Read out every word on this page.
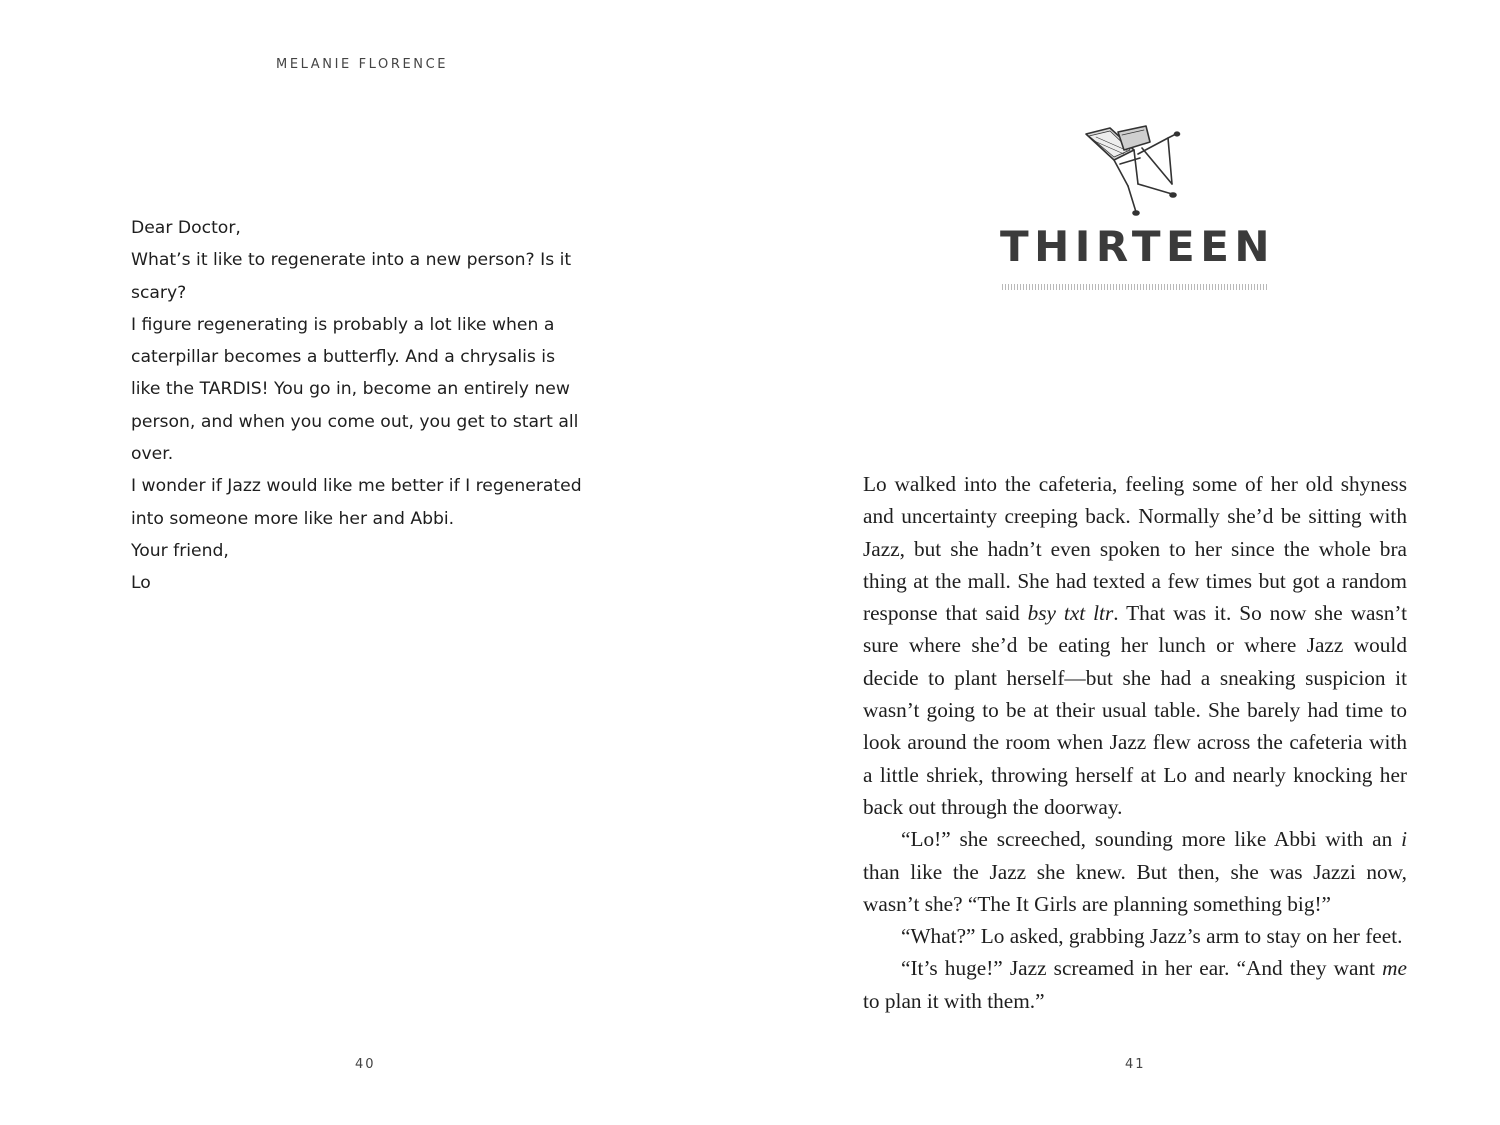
MELANIE FLORENCE

Dear Doctor,

What’s it like to regenerate into a new person? Is it

scary?

I figure regenerating is probably a lot like when a

caterpillar becomes a butterfly. And a chrysalis is

like the TARDIS! You go in, become an entirely new

person, and when you come out, you get to start all

over.

I wonder if Jazz would like me better if I regenerated

into someone more like her and Abbi.

Your friend,

Lo

40
THIRTEEN

Lo walked into the cafeteria, feeling some of her old shyness and uncertainty creeping back. Normally she’d be sitting with Jazz, but she hadn’t even spoken to her since the whole bra thing at the mall. She had texted a few times but got a random response that said bsy txt ltr. That was it. So now she wasn’t sure where she’d be eating her lunch or where Jazz would decide to plant herself—but she had a sneaking suspicion it wasn’t going to be at their usual table. She barely had time to look around the room when Jazz flew across the cafeteria with a little shriek, throwing herself at Lo and nearly knocking her back out through the doorway.

“Lo!” she screeched, sounding more like Abbi with an i than like the Jazz she knew. But then, she was Jazzi now, wasn’t she? “The It Girls are planning something big!”

“What?” Lo asked, grabbing Jazz’s arm to stay on her feet.

“It’s huge!” Jazz screamed in her ear. “And they want me to plan it with them.”

41
